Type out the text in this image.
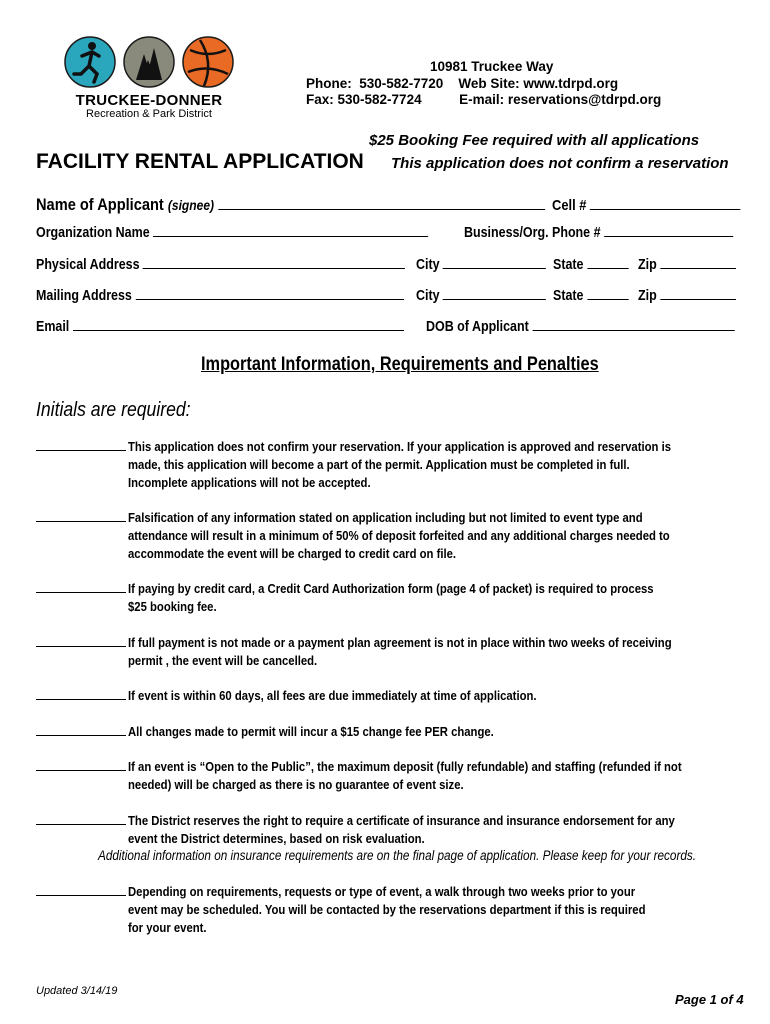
TRUCKEE-DONNER
Recreation & Park District
10981 Truckee Way
Phone:  530-582-7720    Web Site: www.tdrpd.org
Fax: 530-582-7724          E-mail: reservations@tdrpd.org
$25 Booking Fee required with all applications
FACILITY RENTAL APPLICATION This application does not confirm a reservation
Name of Applicant (signee)	Cell #
Organization Name	Business/Org. Phone #
Physical Address	City	State	Zip
Mailing Address	City	State	Zip
Email	DOB of Applicant
Important Information, Requirements and Penalties
Initials are required:
This application does not confirm your reservation. If your application is approved and reservation is
made, this application will become a part of the permit. Application must be completed in full.
Incomplete applications will not be accepted.
Falsification of any information stated on application including but not limited to event type and
attendance will result in a minimum of 50% of deposit forfeited and any additional charges needed to
accommodate the event will be charged to credit card on file.
If paying by credit card, a Credit Card Authorization form (page 4 of packet) is required to process
$25 booking fee.
If full payment is not made or a payment plan agreement is not in place within two weeks of receiving
permit , the event will be cancelled.
If event is within 60 days, all fees are due immediately at time of application.
All changes made to permit will incur a $15 change fee PER change.
If an event is “Open to the Public”, the maximum deposit (fully refundable) and staffing (refunded if not
needed) will be charged as there is no guarantee of event size.
The District reserves the right to require a certificate of insurance and insurance endorsement for any
event the District determines, based on risk evaluation.
Additional information on insurance requirements are on the final page of application. Please keep for your records.
Depending on requirements, requests or type of event, a walk through two weeks prior to your
event may be scheduled. You will be contacted by the reservations department if this is required
for your event.
Updated 3/14/19
Page 1 of 4
